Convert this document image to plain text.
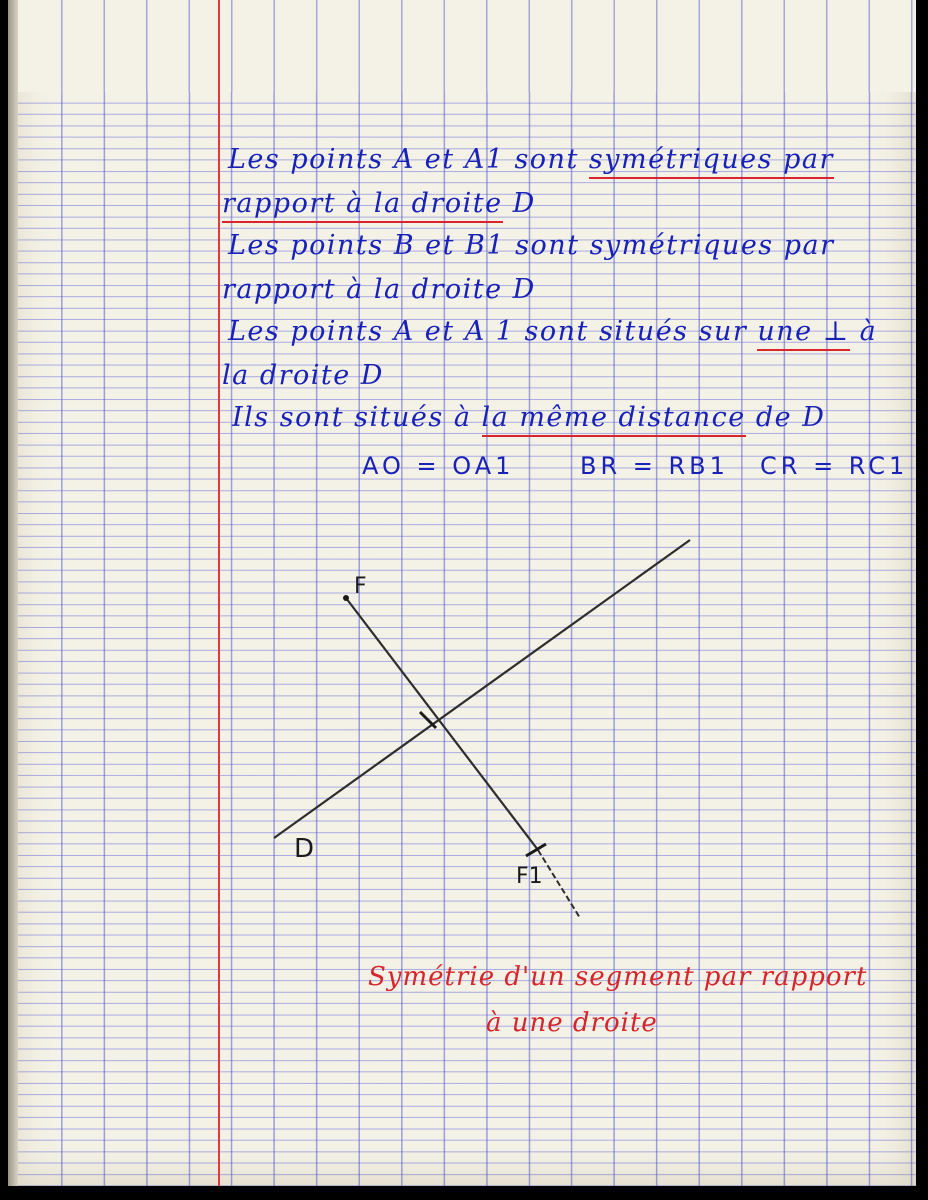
Les points A et A1 sont symétriques par
rapport à la droite D
Les points B et B1 sont symétriques par
rapport à la droite D
Les points A et A 1 sont situés sur une ⊥ à
la droite D
Ils sont situés à la même distance de D
AO = OA1	BR = RB1 CR = RC1
F
F1
D
Symétrie d'un segment par rapport
à une droite
